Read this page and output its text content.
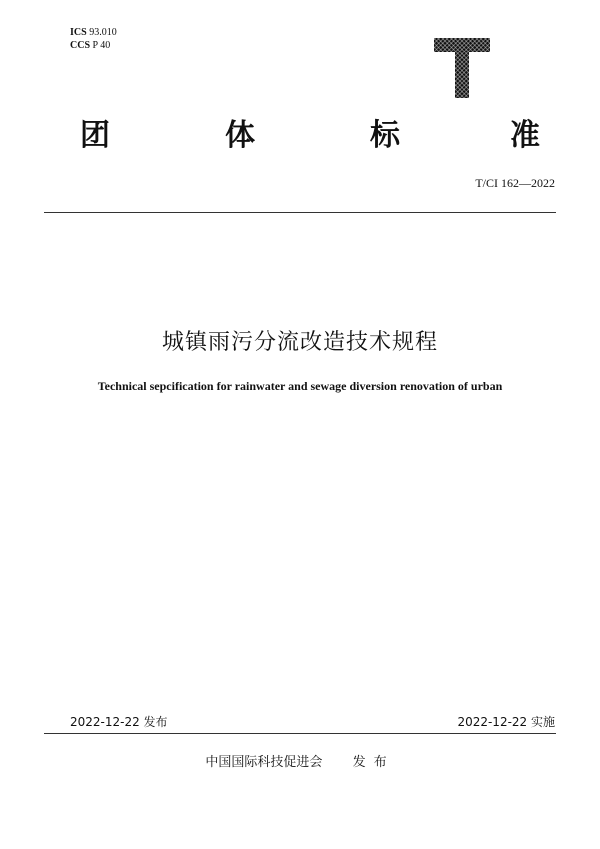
ICS 93.010
CCS P 40
团	体	标	准
T/CI 162—2022
城镇雨污分流改造技术规程
Technical sepcification for rainwater and sewage diversion renovation of urban
2022-12-22 发布	2022-12-22 实施
中国国际科技促进会 发布
